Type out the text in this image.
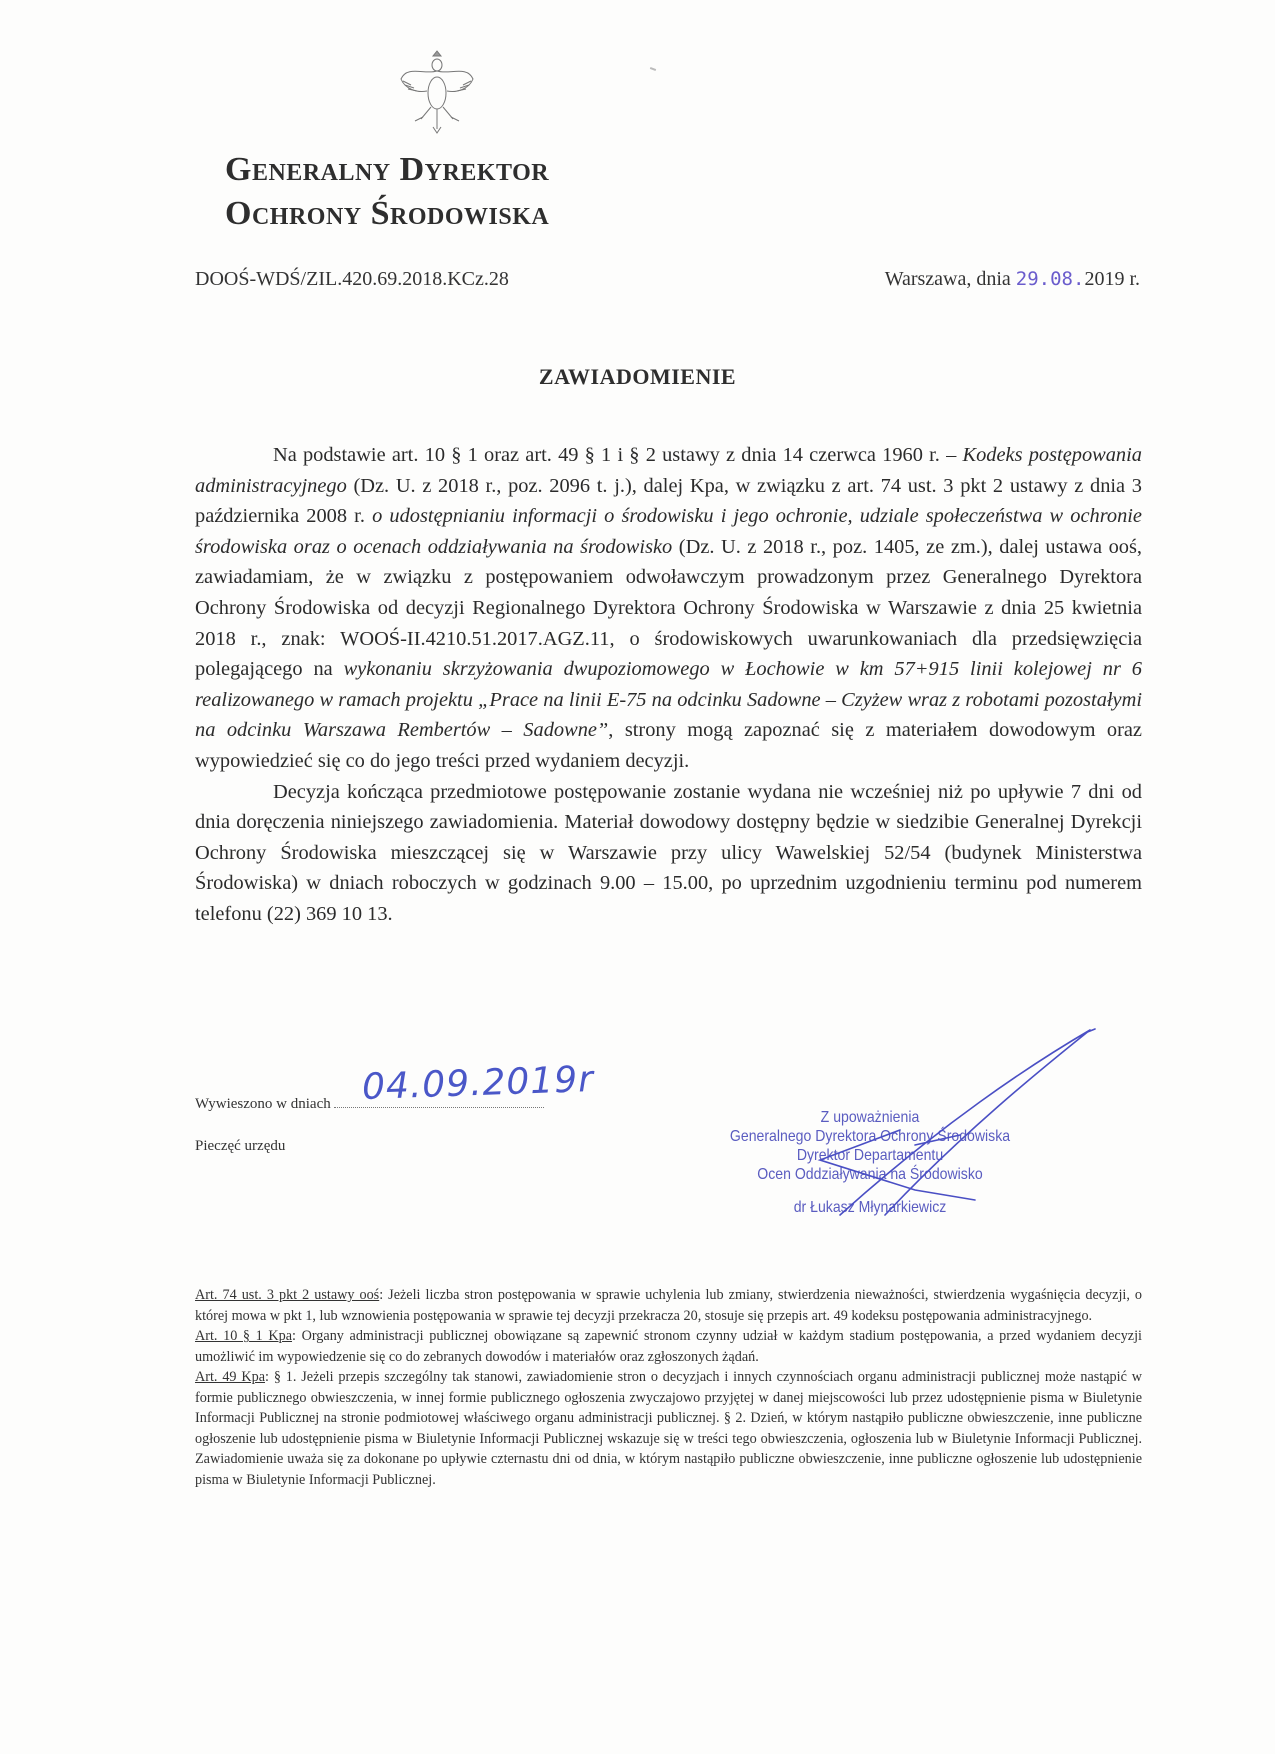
Generalny Dyrektor
Ochrony Środowiska
DOOŚ-WDŚ/ZIL.420.69.2018.KCz.28	Warszawa, dnia 29.08.2019 r.
ZAWIADOMIENIE

Na podstawie art. 10 § 1 oraz art. 49 § 1 i § 2 ustawy z dnia 14 czerwca 1960 r. – Kodeks postępowania administracyjnego (Dz. U. z 2018 r., poz. 2096 t. j.), dalej Kpa, w związku z art. 74 ust. 3 pkt 2 ustawy z dnia 3 października 2008 r. o udostępnianiu informacji o środowisku i jego ochronie, udziale społeczeństwa w ochronie środowiska oraz o ocenach oddziaływania na środowisko (Dz. U. z 2018 r., poz. 1405, ze zm.), dalej ustawa ooś, zawiadamiam, że w związku z postępowaniem odwoławczym prowadzonym przez Generalnego Dyrektora Ochrony Środowiska od decyzji Regionalnego Dyrektora Ochrony Środowiska w Warszawie z dnia 25 kwietnia 2018 r., znak: WOOŚ-II.4210.51.2017.AGZ.11, o środowiskowych uwarunkowaniach dla przedsięwzięcia polegającego na wykonaniu skrzyżowania dwupoziomowego w Łochowie w km 57+915 linii kolejowej nr 6 realizowanego w ramach projektu „Prace na linii E-75 na odcinku Sadowne – Czyżew wraz z robotami pozostałymi na odcinku Warszawa Rembertów – Sadowne”, strony mogą zapoznać się z materiałem dowodowym oraz wypowiedzieć się co do jego treści przed wydaniem decyzji.

Decyzja kończąca przedmiotowe postępowanie zostanie wydana nie wcześniej niż po upływie 7 dni od dnia doręczenia niniejszego zawiadomienia. Materiał dowodowy dostępny będzie w siedzibie Generalnej Dyrekcji Ochrony Środowiska mieszczącej się w Warszawie przy ulicy Wawelskiej 52/54 (budynek Ministerstwa Środowiska) w dniach roboczych w godzinach 9.00 – 15.00, po uprzednim uzgodnieniu terminu pod numerem telefonu (22) 369 10 13.

Wywieszono w dniach 04.09.2019r
Pieczęć urzędu
Z upoważnienia
Generalnego Dyrektora Ochrony Środowiska
Dyrektor Departamentu
Ocen Oddziaływania na Środowisko
dr Łukasz Młynarkiewicz

Art. 74 ust. 3 pkt 2 ustawy ooś: Jeżeli liczba stron postępowania w sprawie uchylenia lub zmiany, stwierdzenia nieważności, stwierdzenia wygaśnięcia decyzji, o której mowa w pkt 1, lub wznowienia postępowania w sprawie tej decyzji przekracza 20, stosuje się przepis art. 49 kodeksu postępowania administracyjnego.

Art. 10 § 1 Kpa: Organy administracji publicznej obowiązane są zapewnić stronom czynny udział w każdym stadium postępowania, a przed wydaniem decyzji umożliwić im wypowiedzenie się co do zebranych dowodów i materiałów oraz zgłoszonych żądań.

Art. 49 Kpa: § 1. Jeżeli przepis szczególny tak stanowi, zawiadomienie stron o decyzjach i innych czynnościach organu administracji publicznej może nastąpić w formie publicznego obwieszczenia, w innej formie publicznego ogłoszenia zwyczajowo przyjętej w danej miejscowości lub przez udostępnienie pisma w Biuletynie Informacji Publicznej na stronie podmiotowej właściwego organu administracji publicznej. § 2. Dzień, w którym nastąpiło publiczne obwieszczenie, inne publiczne ogłoszenie lub udostępnienie pisma w Biuletynie Informacji Publicznej wskazuje się w treści tego obwieszczenia, ogłoszenia lub w Biuletynie Informacji Publicznej. Zawiadomienie uważa się za dokonane po upływie czternastu dni od dnia, w którym nastąpiło publiczne obwieszczenie, inne publiczne ogłoszenie lub udostępnienie pisma w Biuletynie Informacji Publicznej.
